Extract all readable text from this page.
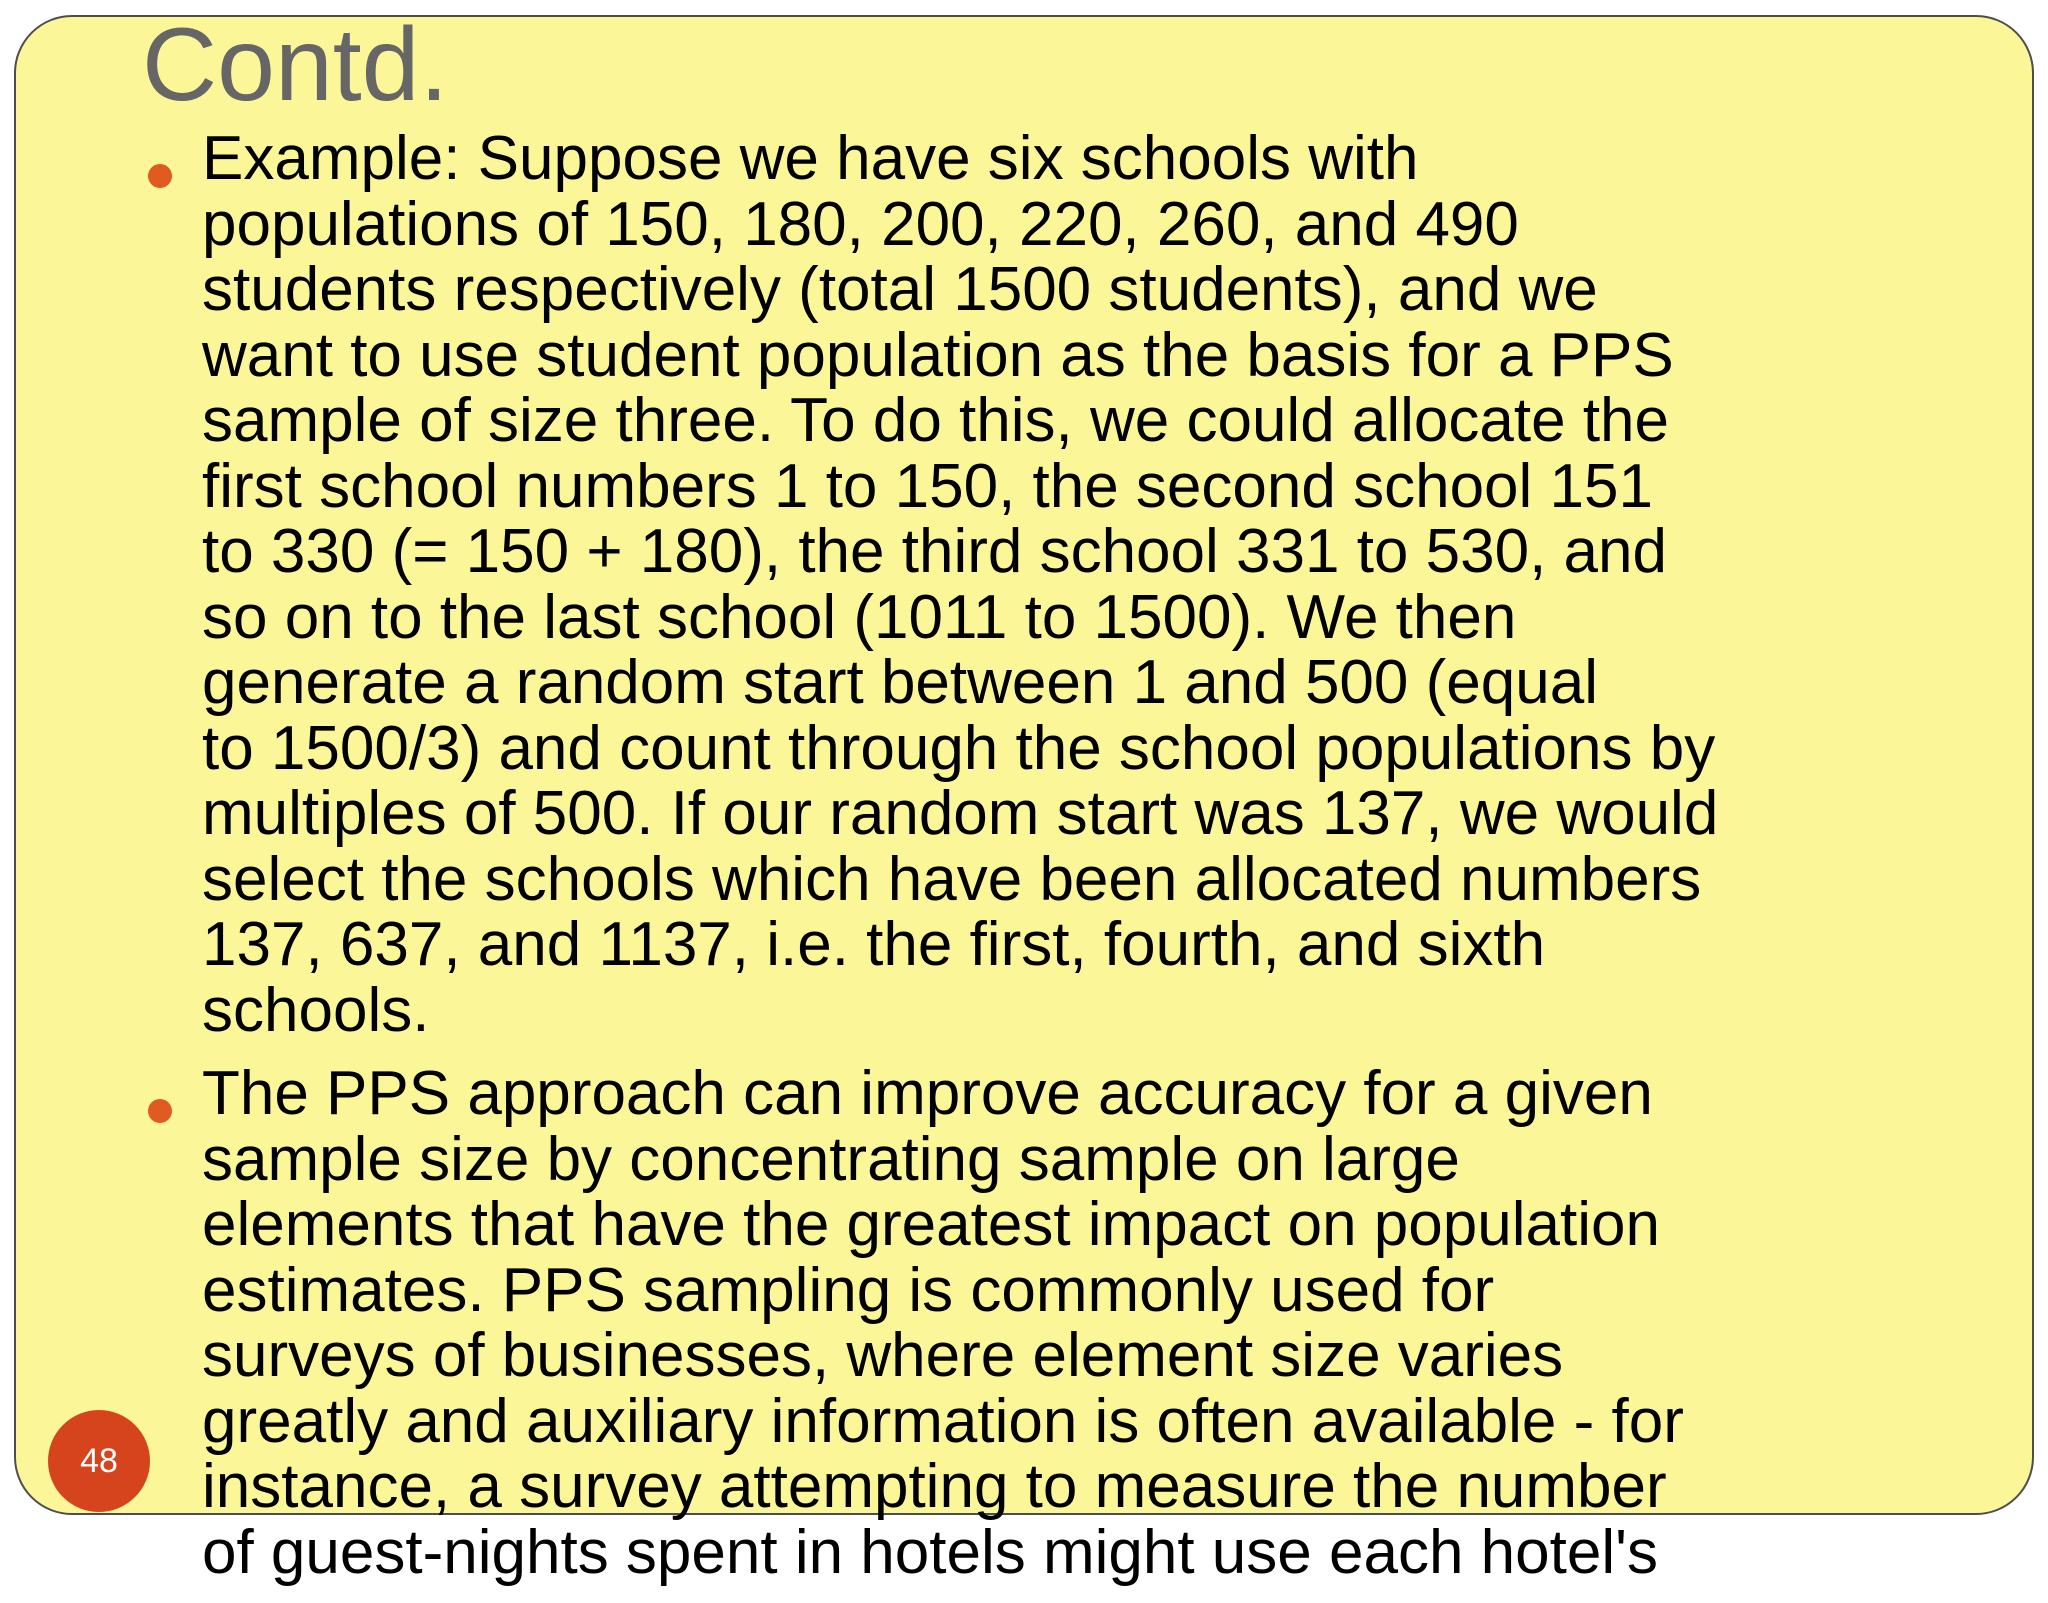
Contd.
Example: Suppose we have six schools with
populations of 150, 180, 200, 220, 260, and 490
students respectively (total 1500 students), and we
want to use student population as the basis for a PPS
sample of size three. To do this, we could allocate the
first school numbers 1 to 150, the second school 151
to 330 (= 150 + 180), the third school 331 to 530, and
so on to the last school (1011 to 1500). We then
generate a random start between 1 and 500 (equal
to 1500/3) and count through the school populations by
multiples of 500. If our random start was 137, we would
select the schools which have been allocated numbers
137, 637, and 1137, i.e. the first, fourth, and sixth
schools.
The PPS approach can improve accuracy for a given
sample size by concentrating sample on large
elements that have the greatest impact on population
estimates. PPS sampling is commonly used for
surveys of businesses, where element size varies
greatly and auxiliary information is often available - for
instance, a survey attempting to measure the number
of guest-nights spent in hotels might use each hotel's
48
